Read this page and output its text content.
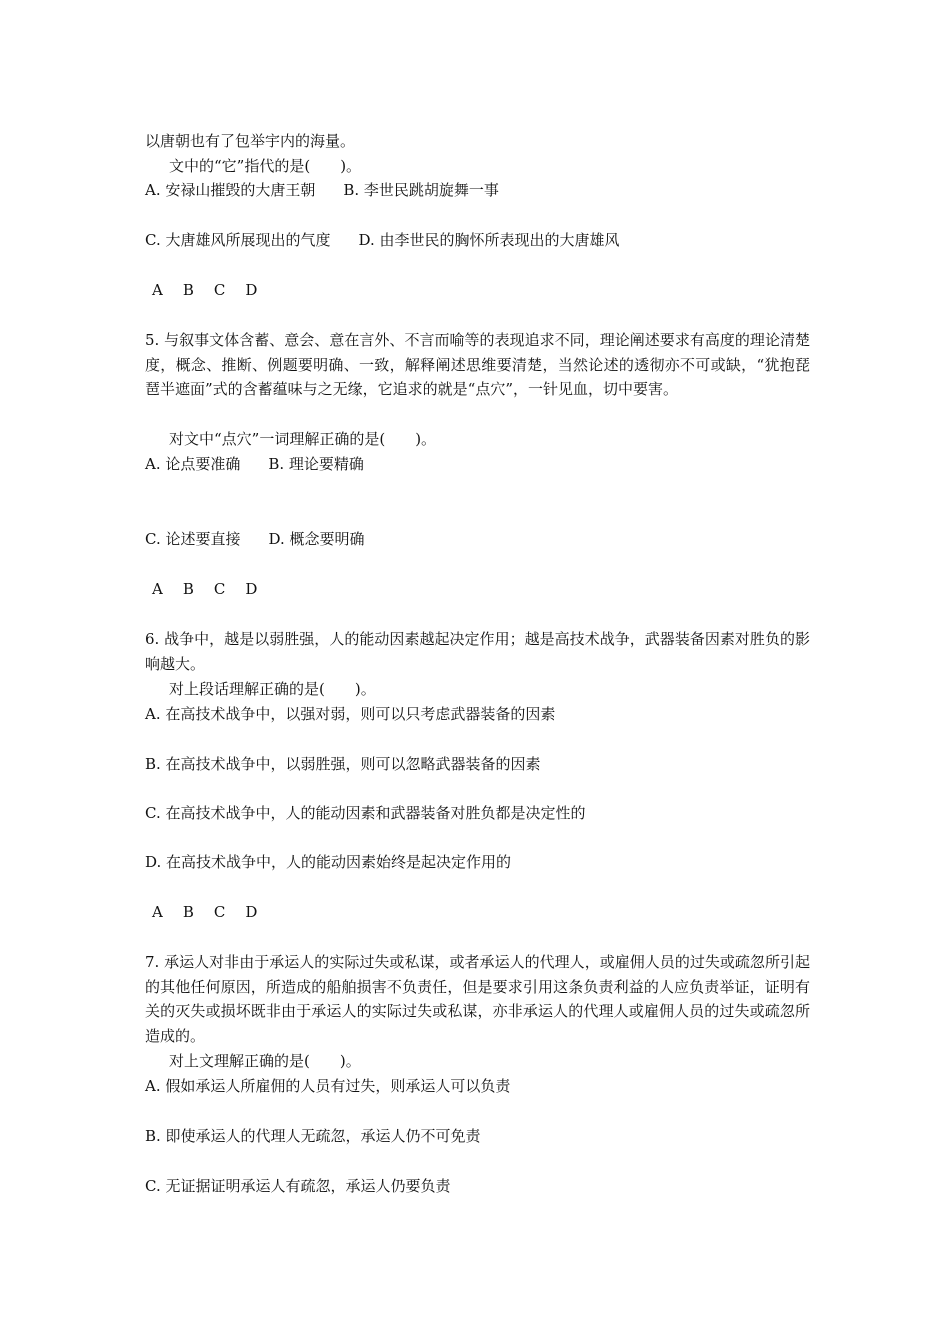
以唐朝也有了包举宇内的海量。
文中的“它”指代的是(　　)。
A. 安禄山摧毁的大唐王朝 B. 李世民跳胡旋舞一事
C. 大唐雄风所展现出的气度 D. 由李世民的胸怀所表现出的大唐雄风
A B C D
5. 与叙事文体含蓄、意会、意在言外、不言而喻等的表现追求不同，理论阐述要求有高度的理论清楚度，概念、推断、例题要明确、一致，解释阐述思维要清楚，当然论述的透彻亦不可或缺，“犹抱琵琶半遮面”式的含蓄蕴味与之无缘，它追求的就是“点穴”，一针见血，切中要害。
对文中“点穴”一词理解正确的是(　　)。
A. 论点要准确 B. 理论要精确
C. 论述要直接 D. 概念要明确
A B C D
6. 战争中，越是以弱胜强，人的能动因素越起决定作用；越是高技术战争，武器装备因素对胜负的影响越大。
对上段话理解正确的是(　　)。
A. 在高技术战争中，以强对弱，则可以只考虑武器装备的因素
B. 在高技术战争中，以弱胜强，则可以忽略武器装备的因素
C. 在高技术战争中，人的能动因素和武器装备对胜负都是决定性的
D. 在高技术战争中，人的能动因素始终是起决定作用的
A B C D
7. 承运人对非由于承运人的实际过失或私谋，或者承运人的代理人，或雇佣人员的过失或疏忽所引起的其他任何原因，所造成的船舶损害不负责任，但是要求引用这条负责利益的人应负责举证，证明有关的灭失或损坏既非由于承运人的实际过失或私谋，亦非承运人的代理人或雇佣人员的过失或疏忽所造成的。
对上文理解正确的是(　　)。
A. 假如承运人所雇佣的人员有过失，则承运人可以负责
B. 即使承运人的代理人无疏忽，承运人仍不可免责
C. 无证据证明承运人有疏忽，承运人仍要负责
